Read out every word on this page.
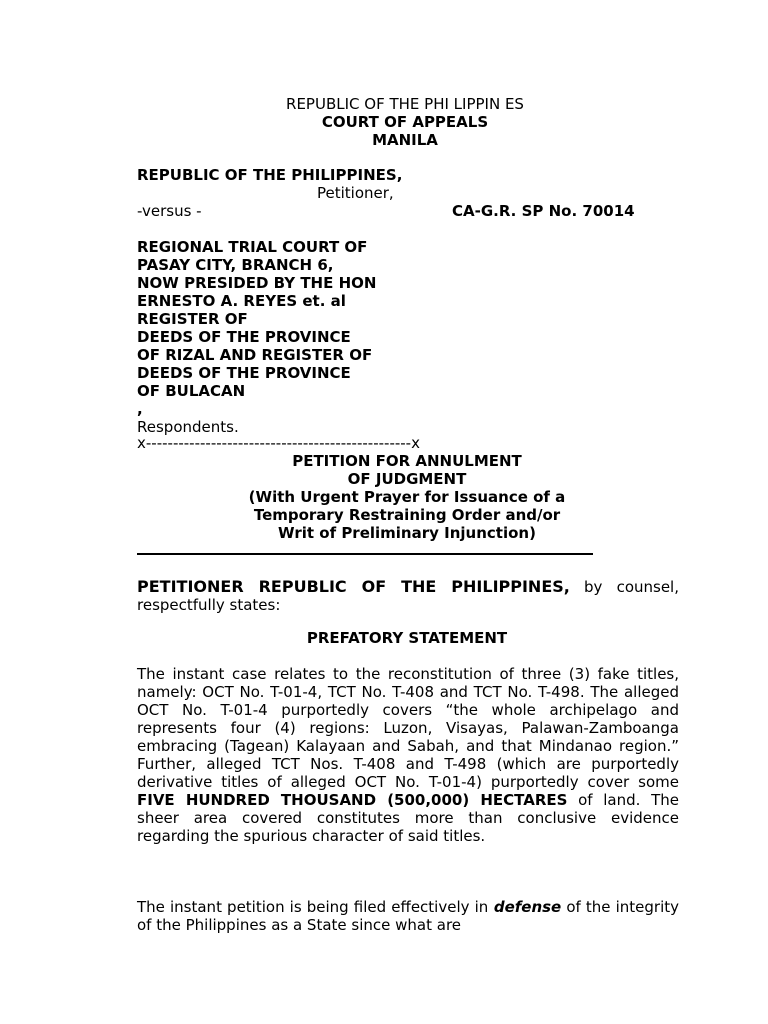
REPUBLIC OF THE PHI LIPPIN ES
COURT OF APPEALS
MANILA
REPUBLIC OF THE PHILIPPINES,
Petitioner,
-versus -	CA-G.R. SP No. 70014
REGIONAL TRIAL COURT OF
PASAY CITY, BRANCH 6,
NOW PRESIDED BY THE HON
ERNESTO A. REYES et. al
REGISTER OF
DEEDS OF THE PROVINCE
OF RIZAL AND REGISTER OF
DEEDS OF THE PROVINCE
OF BULACAN
,
Respondents.
x-------------------------------------------------x
PETITION FOR ANNULMENT
OF JUDGMENT
(With Urgent Prayer for Issuance of a
Temporary Restraining Order and/or
Writ of Preliminary Injunction)
PETITIONER REPUBLIC OF THE PHILIPPINES, by counsel, respectfully states:
PREFATORY STATEMENT
The instant case relates to the reconstitution of three (3) fake titles, namely: OCT No. T-01-4, TCT No. T-408 and TCT No. T-498. The alleged OCT No. T-01-4 purportedly covers “the whole archipelago and represents four (4) regions: Luzon, Visayas, Palawan-Zamboanga embracing (Tagean) Kalayaan and Sabah, and that Mindanao region.” Further, alleged TCT Nos. T-408 and T-498 (which are purportedly derivative titles of alleged OCT No. T-01-4) purportedly cover some FIVE HUNDRED THOUSAND (500,000) HECTARES of land. The sheer area covered constitutes more than conclusive evidence regarding the spurious character of said titles.
The instant petition is being filed effectively in defense of the integrity of the Philippines as a State since what are
